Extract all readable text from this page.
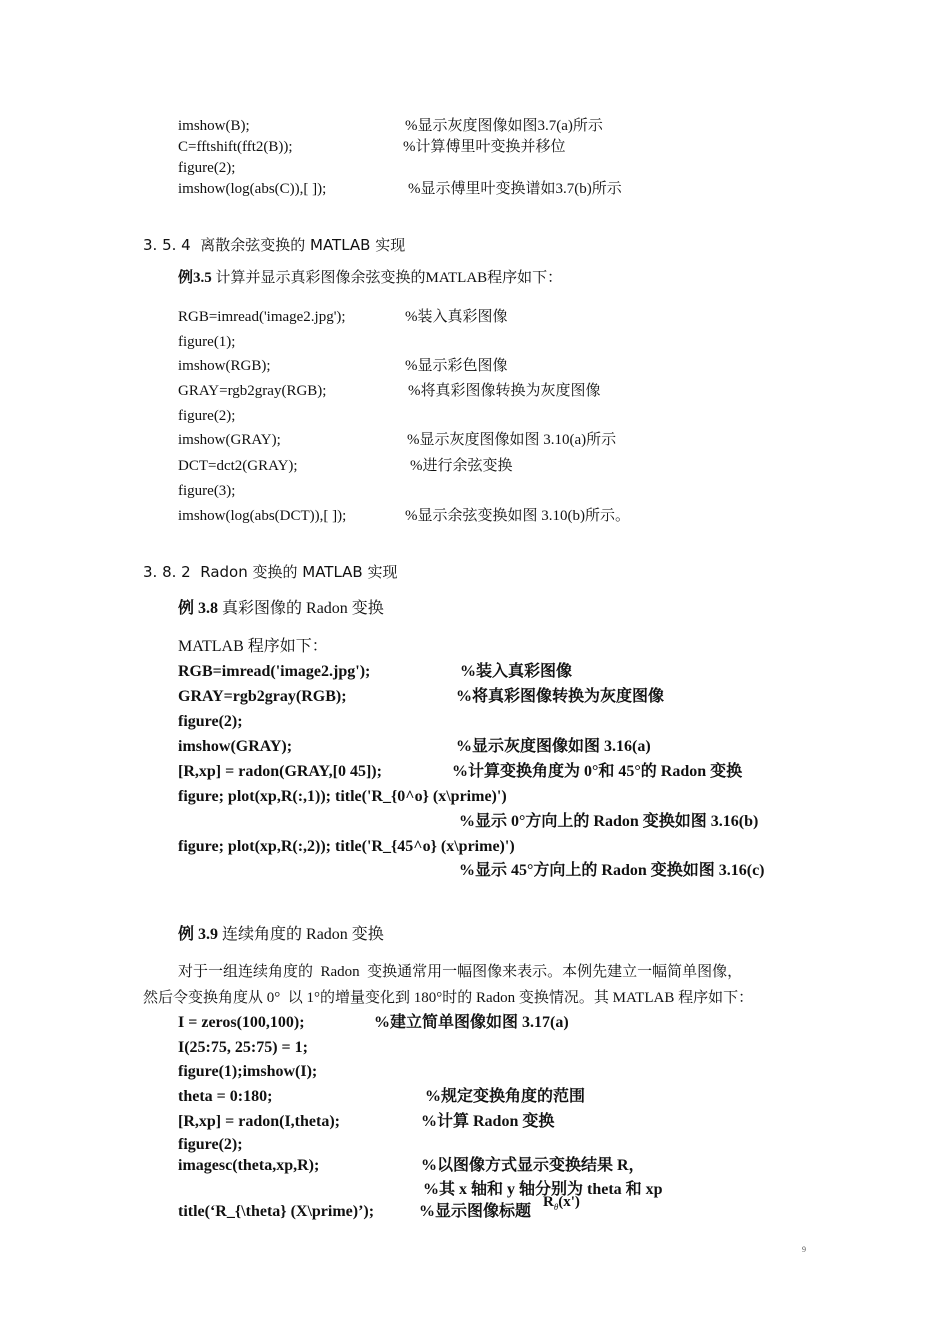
imshow(B);	%显示灰度图像如图3.7(a)所示
C=fftshift(fft2(B));	%计算傅里叶变换并移位
figure(2);
imshow(log(abs(C)),[ ]);	%显示傅里叶变换谱如3.7(b)所示
3. 5. 4  离散余弦变换的 MATLAB 实现
例3.5 计算并显示真彩图像余弦变换的MATLAB程序如下：
RGB=imread('image2.jpg');	%装入真彩图像
figure(1);
imshow(RGB);	%显示彩色图像
GRAY=rgb2gray(RGB);	%将真彩图像转换为灰度图像
figure(2);
imshow(GRAY);	%显示灰度图像如图 3.10(a)所示
DCT=dct2(GRAY);	%进行余弦变换
figure(3);
imshow(log(abs(DCT)),[ ]);	%显示余弦变换如图 3.10(b)所示。
3. 8. 2  Radon 变换的 MATLAB 实现
例 3.8 真彩图像的 Radon 变换
MATLAB 程序如下：
RGB=imread('image2.jpg');	%装入真彩图像
GRAY=rgb2gray(RGB);	%将真彩图像转换为灰度图像
figure(2);
imshow(GRAY);	%显示灰度图像如图 3.16(a)
[R,xp] = radon(GRAY,[0 45]);	%计算变换角度为 0°和 45°的 Radon 变换
figure; plot(xp,R(:,1)); title('R_{0^o} (x\prime)')
%显示 0°方向上的 Radon 变换如图 3.16(b)
figure; plot(xp,R(:,2)); title('R_{45^o} (x\prime)')
%显示 45°方向上的 Radon 变换如图 3.16(c)
例 3.9 连续角度的 Radon 变换
对于一组连续角度的  Radon  变换通常用一幅图像来表示。本例先建立一幅简单图像，
然后令变换角度从 0°  以 1°的增量变化到 180°时的 Radon 变换情况。其 MATLAB 程序如下：
I = zeros(100,100);	%建立简单图像如图 3.17(a)
I(25:75, 25:75) = 1;
figure(1);imshow(I);
theta = 0:180;	%规定变换角度的范围
[R,xp] = radon(I,theta);	%计算 Radon 变换
figure(2);
imagesc(theta,xp,R);	%以图像方式显示变换结果 R，
%其 x 轴和 y 轴分别为 theta 和 xp
title(‘R_{\theta} (X\prime)’);	%显示图像标题
$R_\theta(x')$
9
